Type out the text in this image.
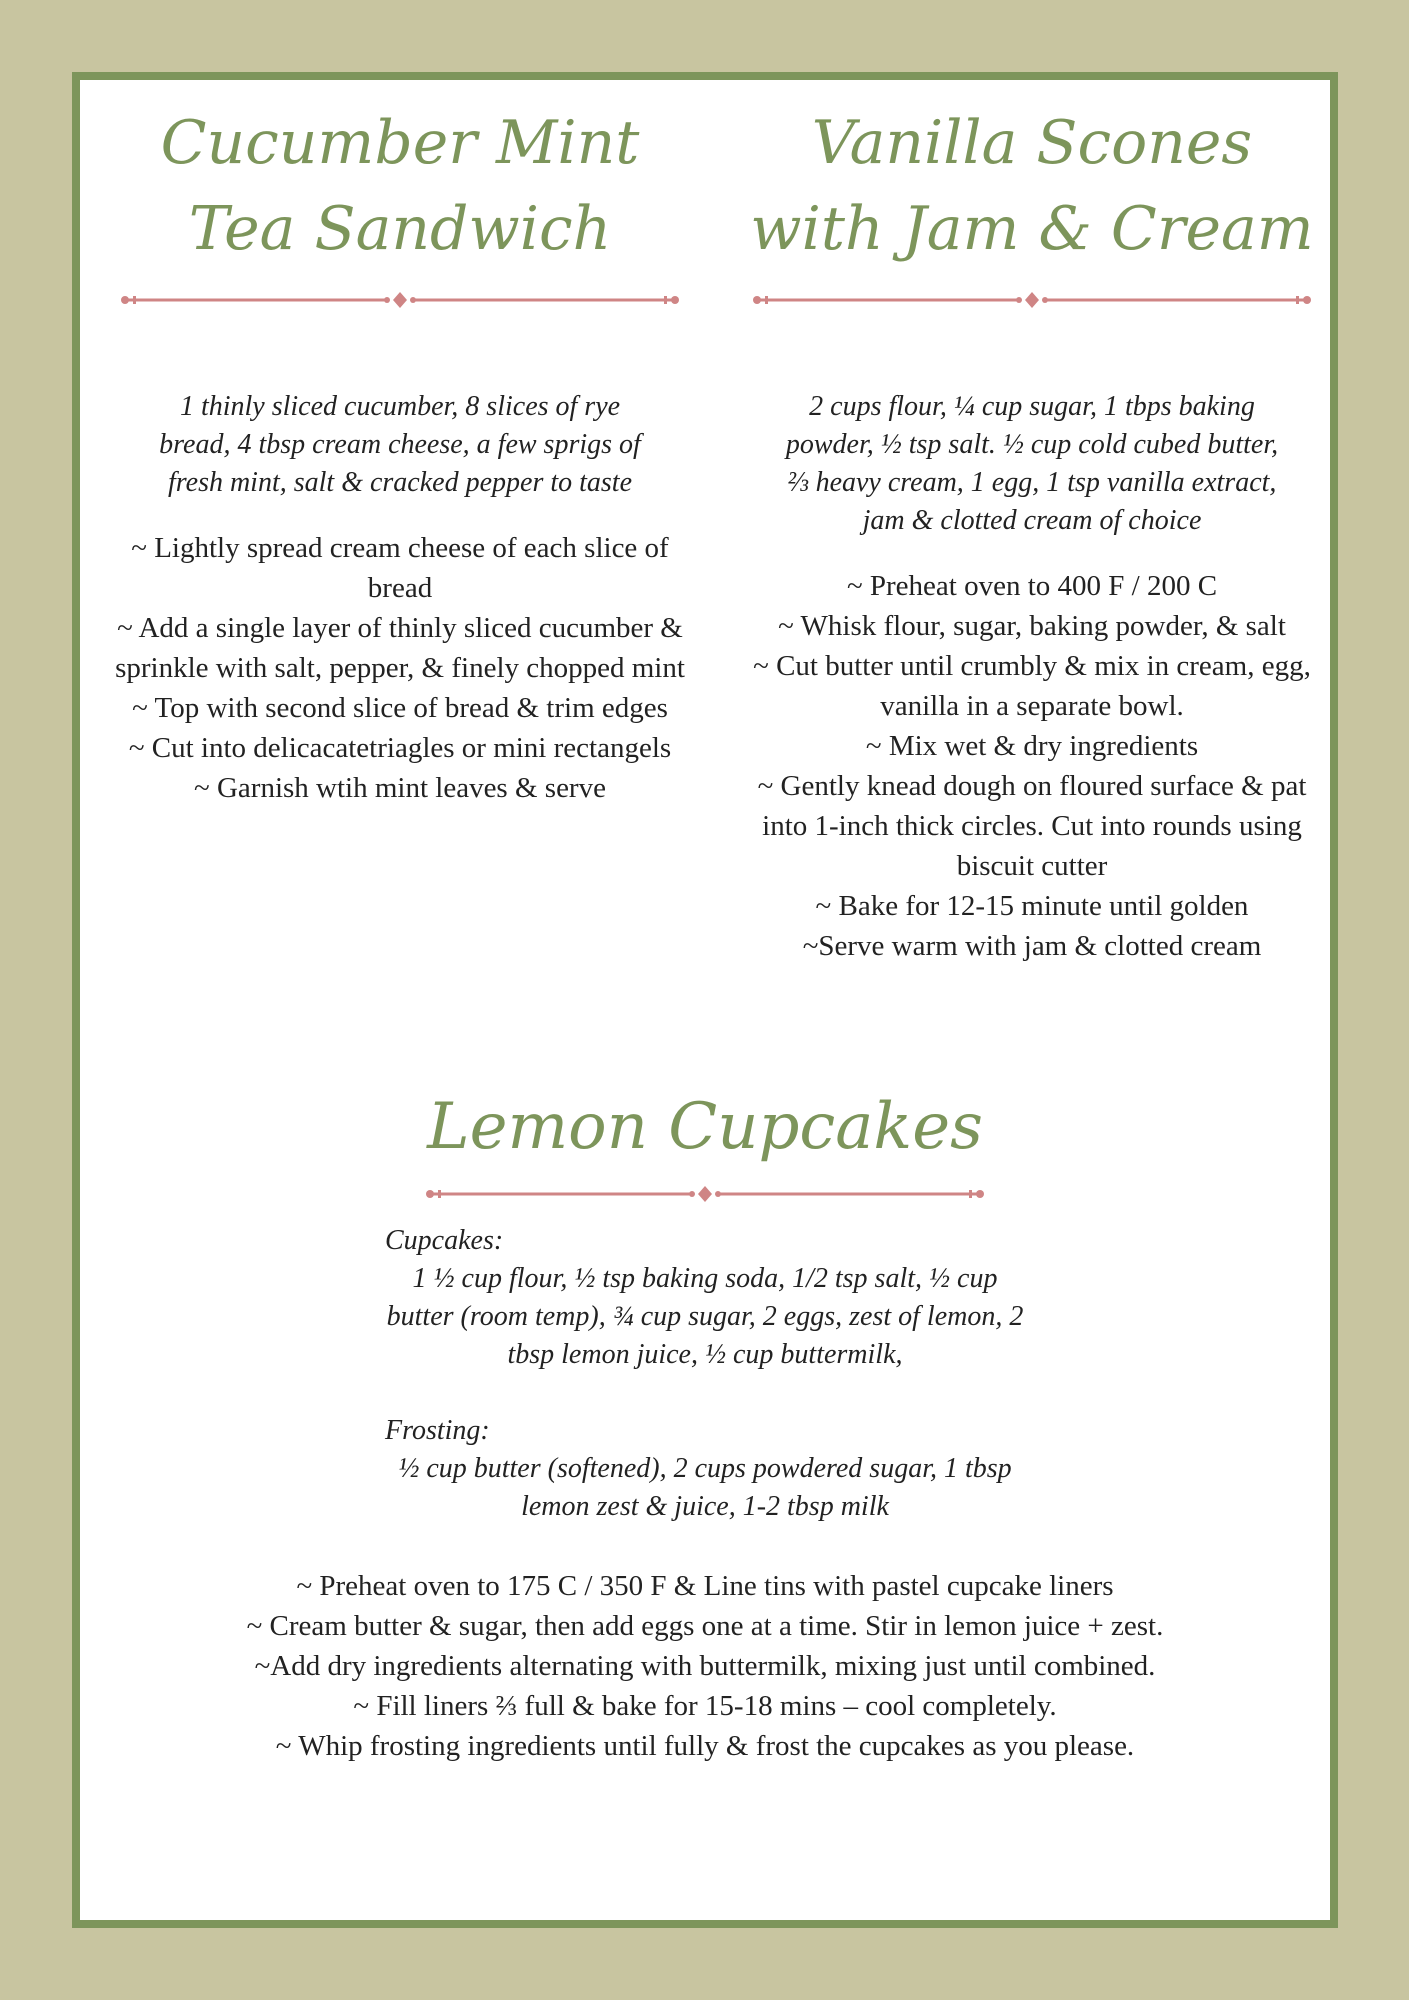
Cucumber Mint
Tea Sandwich

1 thinly sliced cucumber, 8 slices of rye bread, 4 tbsp cream cheese, a few sprigs of fresh mint, salt & cracked pepper to taste

~ Lightly spread cream cheese of each slice of bread
~ Add a single layer of thinly sliced cucumber & sprinkle with salt, pepper, & finely chopped mint
~ Top with second slice of bread & trim edges
~ Cut into delicacatetriagles or mini rectangels
~ Garnish wtih mint leaves & serve
Vanilla Scones
with Jam & Cream

2 cups flour, ¼ cup sugar, 1 tbps baking powder, ½ tsp salt. ½ cup cold cubed butter, ⅔ heavy cream, 1 egg, 1 tsp vanilla extract, jam & clotted cream of choice

~ Preheat oven to 400 F / 200 C
~ Whisk flour, sugar, baking powder, & salt
~ Cut butter until crumbly & mix in cream, egg, vanilla in a separate bowl.
~ Mix wet & dry ingredients
~ Gently knead dough on floured surface & pat into 1-inch thick circles. Cut into rounds using biscuit cutter
~ Bake for 12-15 minute until golden
~Serve warm with jam & clotted cream
Lemon Cupcakes
Cupcakes:
1 ½ cup flour, ½ tsp baking soda, 1/2 tsp salt, ½ cup butter (room temp), ¾ cup sugar, 2 eggs, zest of lemon, 2 tbsp lemon juice, ½ cup buttermilk,
Frosting:
½ cup butter (softened), 2 cups powdered sugar, 1 tbsp lemon zest & juice, 1-2 tbsp milk
~ Preheat oven to 175 C / 350 F & Line tins with pastel cupcake liners
~ Cream butter & sugar, then add eggs one at a time. Stir in lemon juice + zest.
~Add dry ingredients alternating with buttermilk, mixing just until combined.
~ Fill liners ⅔ full & bake for 15-18 mins – cool completely.
~ Whip frosting ingredients until fully & frost the cupcakes as you please.
